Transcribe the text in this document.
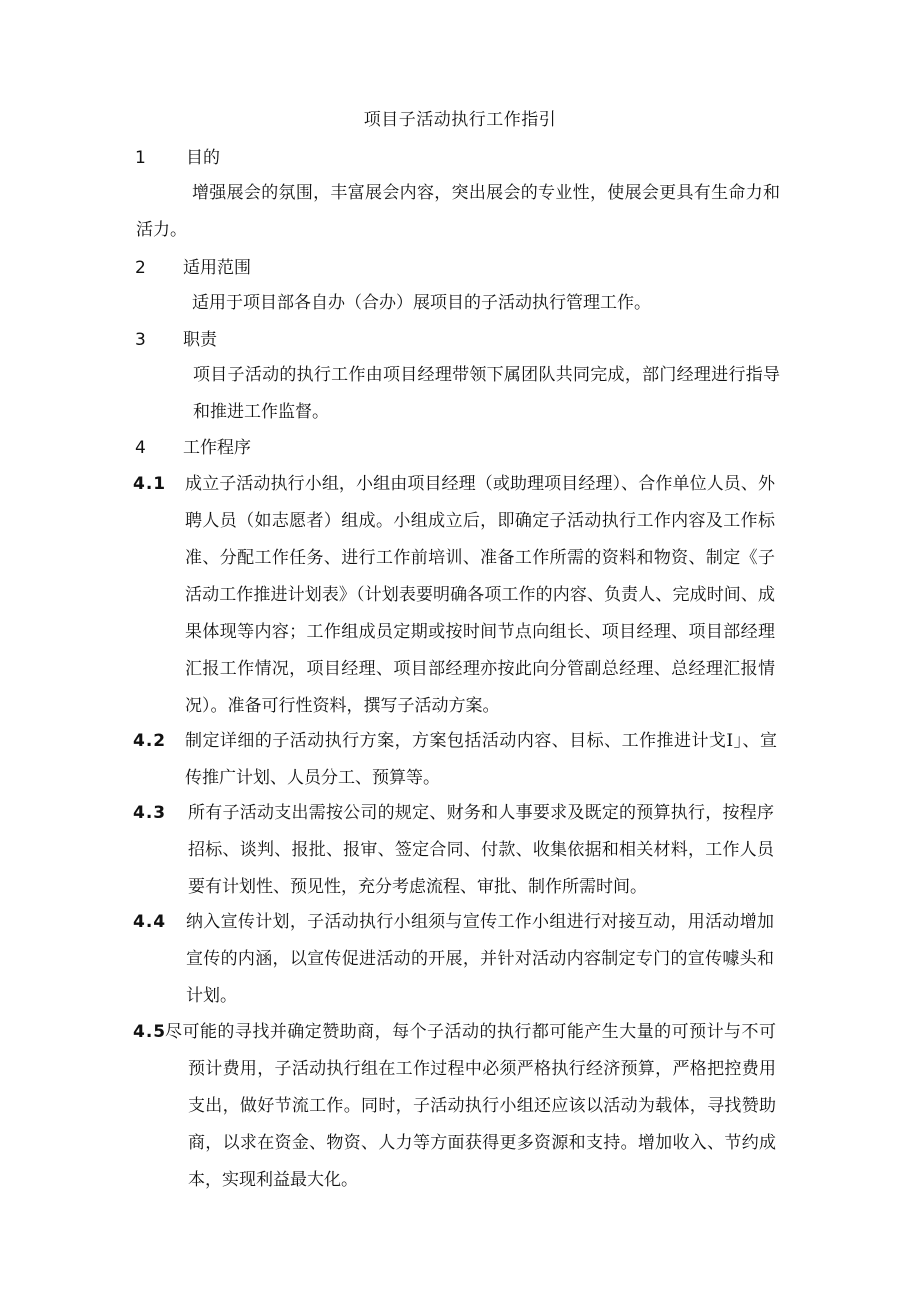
项目子活动执行工作指引
1 目的
增强展会的氛围，丰富展会内容，突出展会的专业性，使展会更具有生命力和活力。
2 适用范围
适用于项目部各自办（合办）展项目的子活动执行管理工作。
3 职责
项目子活动的执行工作由项目经理带领下属团队共同完成，部门经理进行指导和推进工作监督。
4 工作程序
4.1 成立子活动执行小组，小组由项目经理（或助理项目经理）、合作单位人员、外聘人员（如志愿者）组成。小组成立后，即确定子活动执行工作内容及工作标准、分配工作任务、进行工作前培训、准备工作所需的资料和物资、制定《子活动工作推进计划表》（计划表要明确各项工作的内容、负责人、完成时间、成果体现等内容；工作组成员定期或按时间节点向组长、项目经理、项目部经理汇报工作情况，项目经理、项目部经理亦按此向分管副总经理、总经理汇报情况）。准备可行性资料，撰写子活动方案。
4.2 制定详细的子活动执行方案，方案包括活动内容、目标、工作推进计戈I」、宣传推广计划、人员分工、预算等。
4.3 所有子活动支出需按公司的规定、财务和人事要求及既定的预算执行，按程序招标、谈判、报批、报审、签定合同、付款、收集依据和相关材料，工作人员要有计划性、预见性，充分考虑流程、审批、制作所需时间。
4.4 纳入宣传计划，子活动执行小组须与宣传工作小组进行对接互动，用活动增加宣传的内涵，以宣传促进活动的开展，并针对活动内容制定专门的宣传噱头和计划。
4.5
尽可能的寻找并确定赞助商，每个子活动的执行都可能产生大量的可预计与不可预计费用，子活动执行组在工作过程中必须严格执行经济预算，严格把控费用支出，做好节流工作。同时，子活动执行小组还应该以活动为载体，寻找赞助商，以求在资金、物资、人力等方面获得更多资源和支持。增加收入、节约成本，实现利益最大化。
